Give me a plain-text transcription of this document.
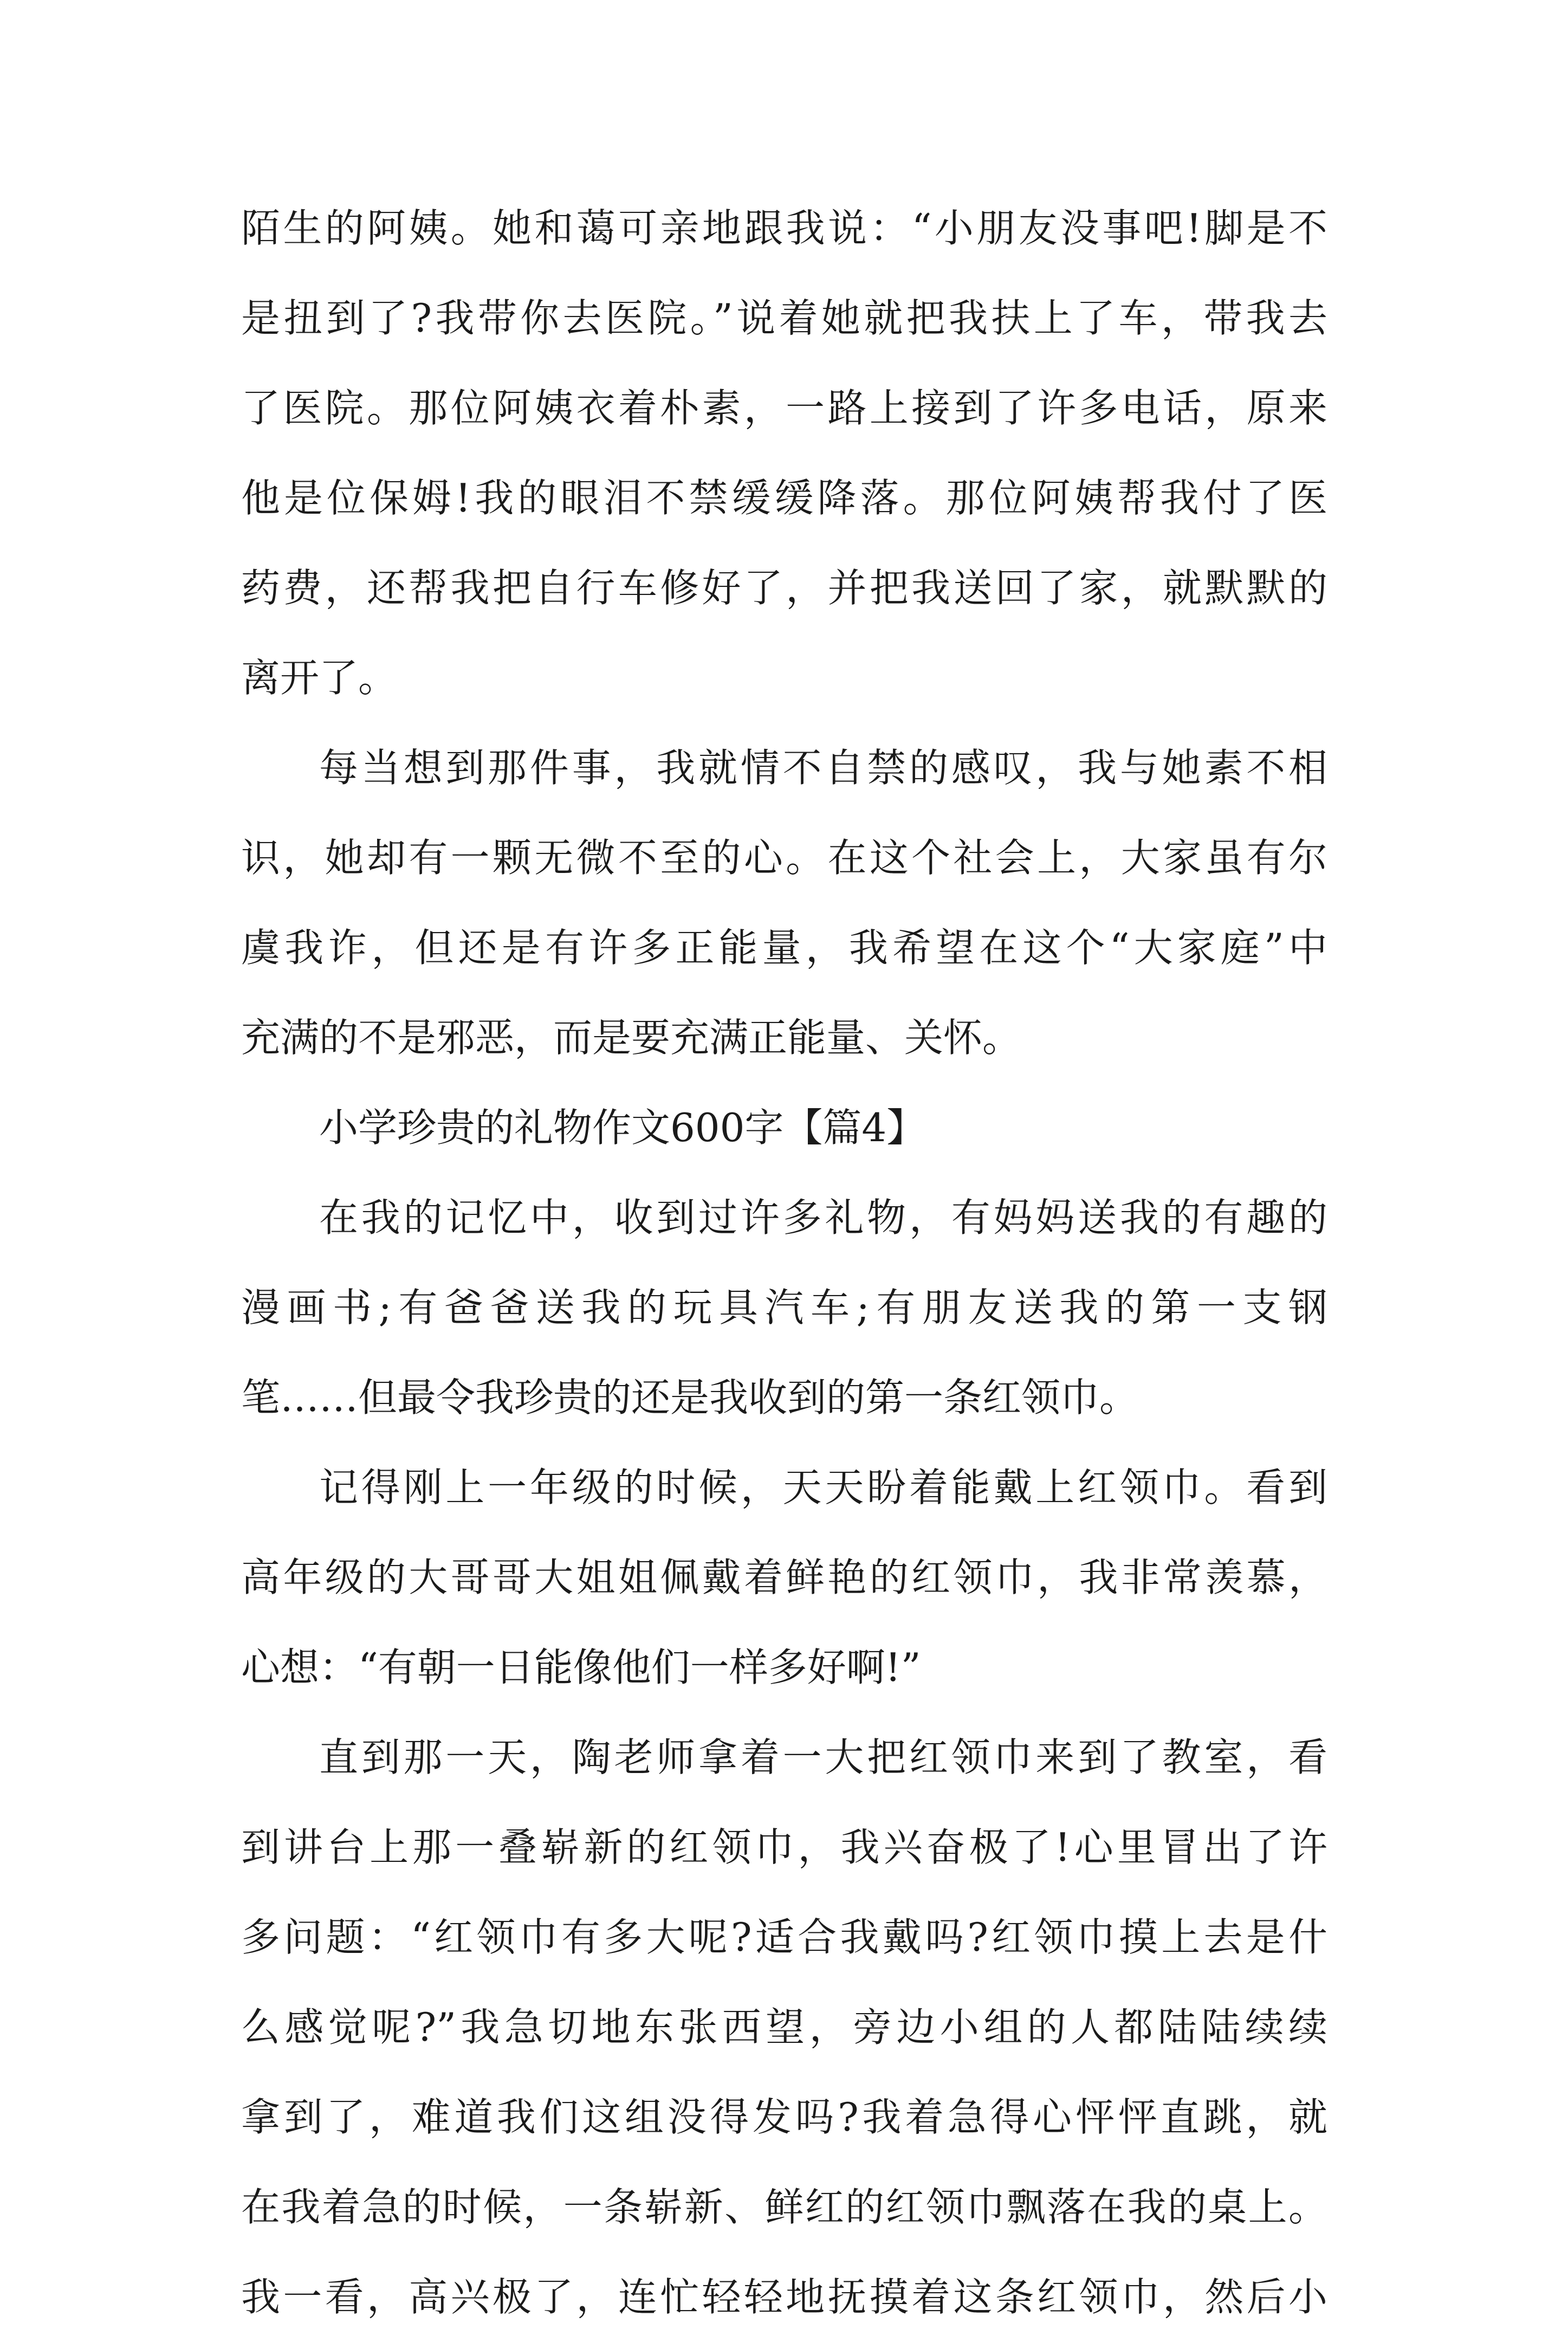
陌生的阿姨。她和蔼可亲地跟我说：“小朋友没事吧!脚是不
是扭到了?我带你去医院。”说着她就把我扶上了车，带我去
了医院。那位阿姨衣着朴素，一路上接到了许多电话，原来
他是位保姆!我的眼泪不禁缓缓降落。那位阿姨帮我付了医
药费，还帮我把自行车修好了，并把我送回了家，就默默的
离开了。
每当想到那件事，我就情不自禁的感叹，我与她素不相
识，她却有一颗无微不至的心。在这个社会上，大家虽有尔
虞我诈，但还是有许多正能量，我希望在这个“大家庭”中
充满的不是邪恶，而是要充满正能量、关怀。
小学珍贵的礼物作文600字【篇4】
在我的记忆中，收到过许多礼物，有妈妈送我的有趣的
漫画书;有爸爸送我的玩具汽车;有朋友送我的第一支钢
笔……但最令我珍贵的还是我收到的第一条红领巾。
记得刚上一年级的时候，天天盼着能戴上红领巾。看到
高年级的大哥哥大姐姐佩戴着鲜艳的红领巾，我非常羡慕，
心想：“有朝一日能像他们一样多好啊!”
直到那一天，陶老师拿着一大把红领巾来到了教室，看
到讲台上那一叠崭新的红领巾，我兴奋极了!心里冒出了许
多问题：“红领巾有多大呢?适合我戴吗?红领巾摸上去是什
么感觉呢?”我急切地东张西望，旁边小组的人都陆陆续续
拿到了，难道我们这组没得发吗?我着急得心怦怦直跳，就
在我着急的时候，一条崭新、鲜红的红领巾飘落在我的桌上。
我一看，高兴极了，连忙轻轻地抚摸着这条红领巾，然后小
